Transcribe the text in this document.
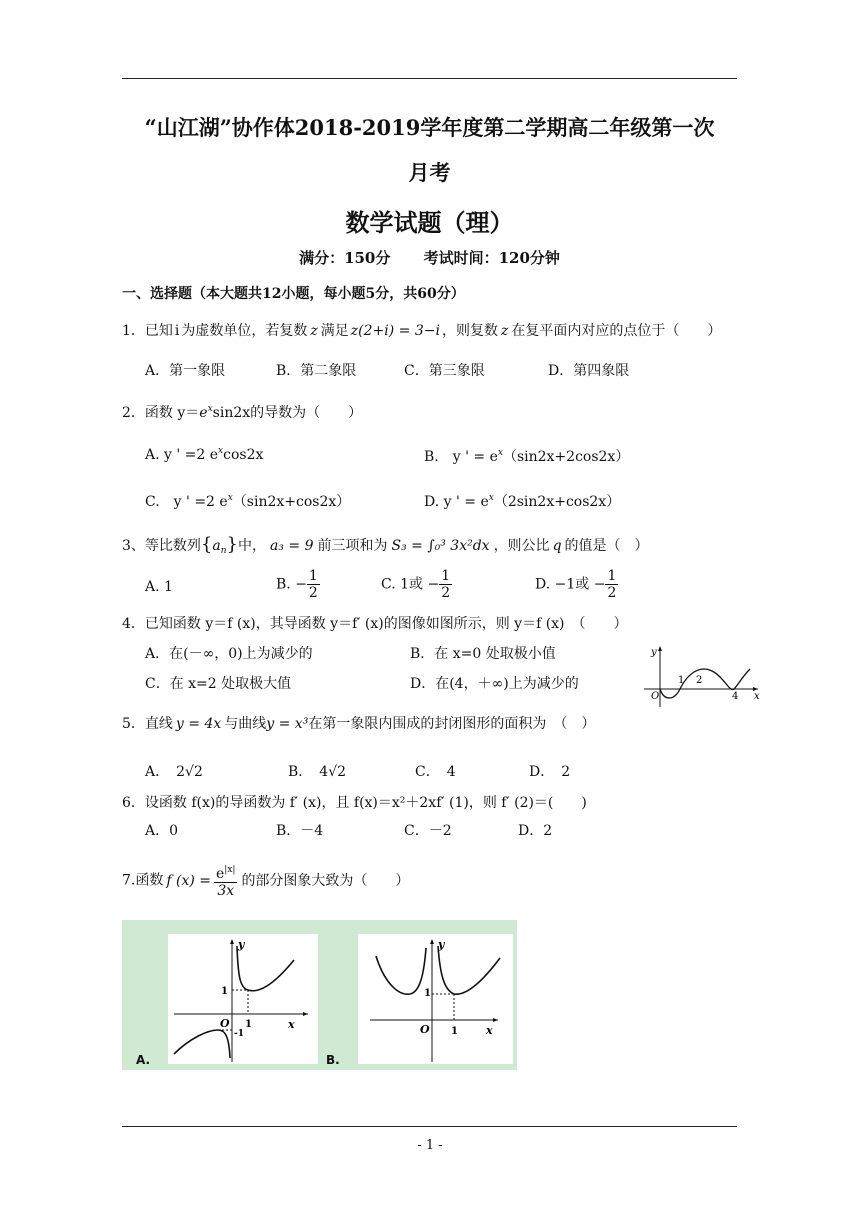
“山江湖”协作体2018-2019学年度第二学期高二年级第一次
月考
数学试题（理）
满分：150分 考试时间：120分钟
一、选择题（本大题共12小题，每小题5分，共60分）
1．已知 i 为虚数单位，若复数 z 满足 z(2+i) = 3−i ，则复数 z 在复平面内对应的点位于（　　）
A．第一象限	B．第二象限	C．第三象限	D．第四象限
2．函数 $y=e^x\sin 2x$的导数为（　　）
A. y ' =2 $e^x\cos 2x$	B.　y ' = $e^x(\sin 2x+2\cos 2x)$
C.　y ' =2 $e^x(\sin 2x+\cos 2x)$	D. y ' = $e^x(2\sin 2x+\cos 2x)$
3、等比数列$\{a_n\}$中， a₃ = 9 前三项和为 S₃ = ∫₀³ 3x²dx ，则公比 q 的值是（　）
A. 1	B. − $\frac{1}{2}$	C. 1或 − $\frac{1}{2}$	D. −1或 − $\frac{1}{2}$
4．已知函数 y＝f (x)，其导函数 y＝f′ (x)的图像如图所示，则 y＝f (x)　（　　）
A．在(－∞，0)上为减少的	B．在 x=0 处取极小值
C．在 x=2 处取极大值	D．在(4，＋∞)上为减少的
y
x
O
1 2
4
5．直线 y = 4x 与曲线y = x³在第一象限内围成的封闭图形的面积为　（　）
A．　2√2	B．　4√2	C．　4	D．　2
6．设函数 f(x)的导函数为 f′ (x)，且 f(x)＝x²＋2xf′ (1)，则 f′ (2)＝(　　)
A．0	B．－4	C．－2	D．2
7.函数 f $(x) = \frac{e^{|x|}}{3x}$ 的部分图象大致为（　　）
y
x
O
1
1
-1
A.
y
x
O
1
1
B.
- 1 -
